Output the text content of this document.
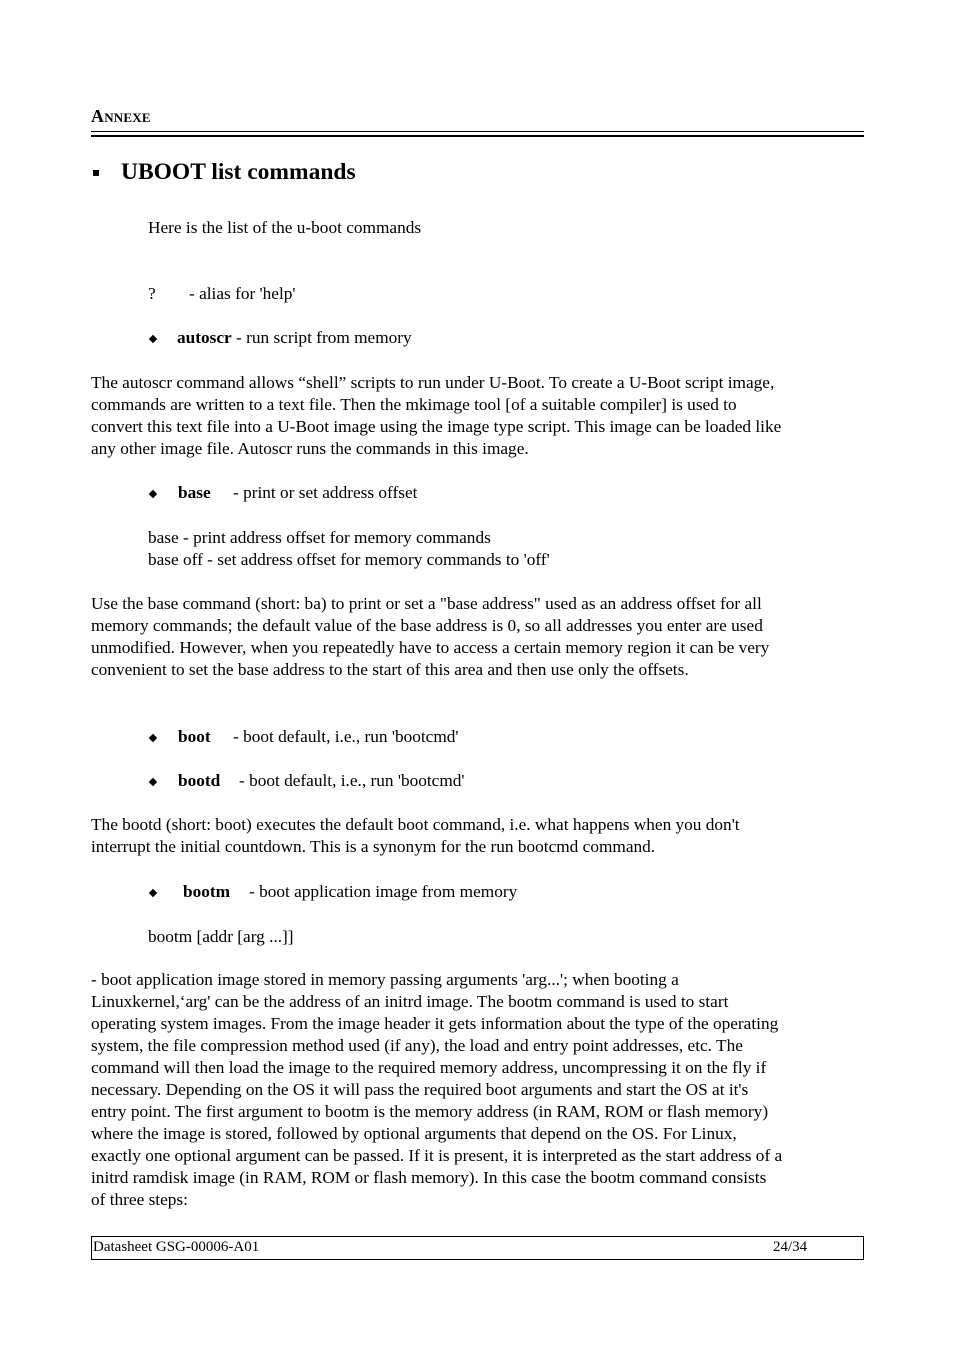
Annexe
UBOOT list commands
Here is the list of the u-boot commands
? - alias for 'help'
autoscr - run script from memory
The autoscr command allows “shell” scripts to run under U-Boot. To create a U-Boot script image,
commands are written to a text file. Then the mkimage tool [of a suitable compiler] is used to
convert this text file into a U-Boot image using the image type script. This image can be loaded like
any other image file. Autoscr runs the commands in this image.
base - print or set address offset
base - print address offset for memory commands
base off - set address offset for memory commands to 'off'
Use the base command (short: ba) to print or set a "base address" used as an address offset for all
memory commands; the default value of the base address is 0, so all addresses you enter are used
unmodified. However, when you repeatedly have to access a certain memory region it can be very
convenient to set the base address to the start of this area and then use only the offsets.
boot - boot default, i.e., run 'bootcmd'
bootd - boot default, i.e., run 'bootcmd'
The bootd (short: boot) executes the default boot command, i.e. what happens when you don't
interrupt the initial countdown. This is a synonym for the run bootcmd command.
bootm - boot application image from memory
bootm [addr [arg ...]]
- boot application image stored in memory passing arguments 'arg...'; when booting a
Linuxkernel,‘arg' can be the address of an initrd image. The bootm command is used to start
operating system images. From the image header it gets information about the type of the operating
system, the file compression method used (if any), the load and entry point addresses, etc. The
command will then load the image to the required memory address, uncompressing it on the fly if
necessary. Depending on the OS it will pass the required boot arguments and start the OS at it's
entry point. The first argument to bootm is the memory address (in RAM, ROM or flash memory)
where the image is stored, followed by optional arguments that depend on the OS. For Linux,
exactly one optional argument can be passed. If it is present, it is interpreted as the start address of a
initrd ramdisk image (in RAM, ROM or flash memory). In this case the bootm command consists
of three steps:
Datasheet GSG-00006-A01	24/34
